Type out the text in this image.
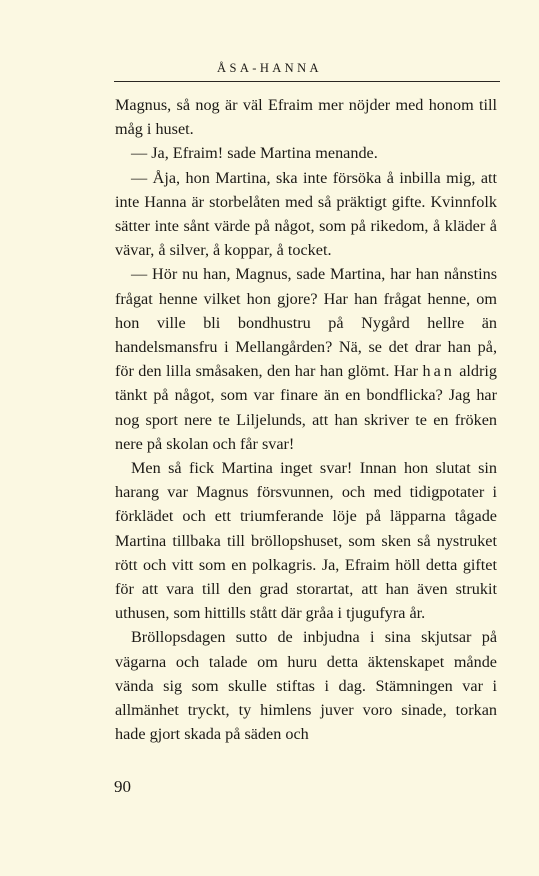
ÅSA-HANNA

Magnus, så nog är väl Efraim mer nöjder med honom till måg i huset.

— Ja, Efraim! sade Martina menande.

— Åja, hon Martina, ska inte försöka å inbilla mig, att inte Hanna är storbelåten med så präktigt gifte. Kvinnfolk sätter inte sånt värde på något, som på rikedom, å kläder å vävar, å silver, å koppar, å tocket.

— Hör nu han, Magnus, sade Martina, har han nånstins frågat henne vilket hon gjore? Har han frågat henne, om hon ville bli bondhustru på Nygård hellre än handelsmansfru i Mellangården? Nä, se det drar han på, för den lilla småsaken, den har han glömt. Har han aldrig tänkt på något, som var finare än en bondflicka? Jag har nog sport nere te Liljelunds, att han skriver te en fröken nere på skolan och får svar!

Men så fick Martina inget svar! Innan hon slutat sin harang var Magnus försvunnen, och med tidigpotater i förklädet och ett triumferande löje på läpparna tågade Martina tillbaka till bröllopshuset, som sken så nystruket rött och vitt som en polkagris. Ja, Efraim höll detta giftet för att vara till den grad storartat, att han även strukit uthusen, som hittills stått där gråa i tjugufyra år.

Bröllopsdagen sutto de inbjudna i sina skjutsar på vägarna och talade om huru detta äktenskapet månde vända sig som skulle stiftas i dag. Stämningen var i allmänhet tryckt, ty himlens juver voro sinade, torkan hade gjort skada på säden och

90
